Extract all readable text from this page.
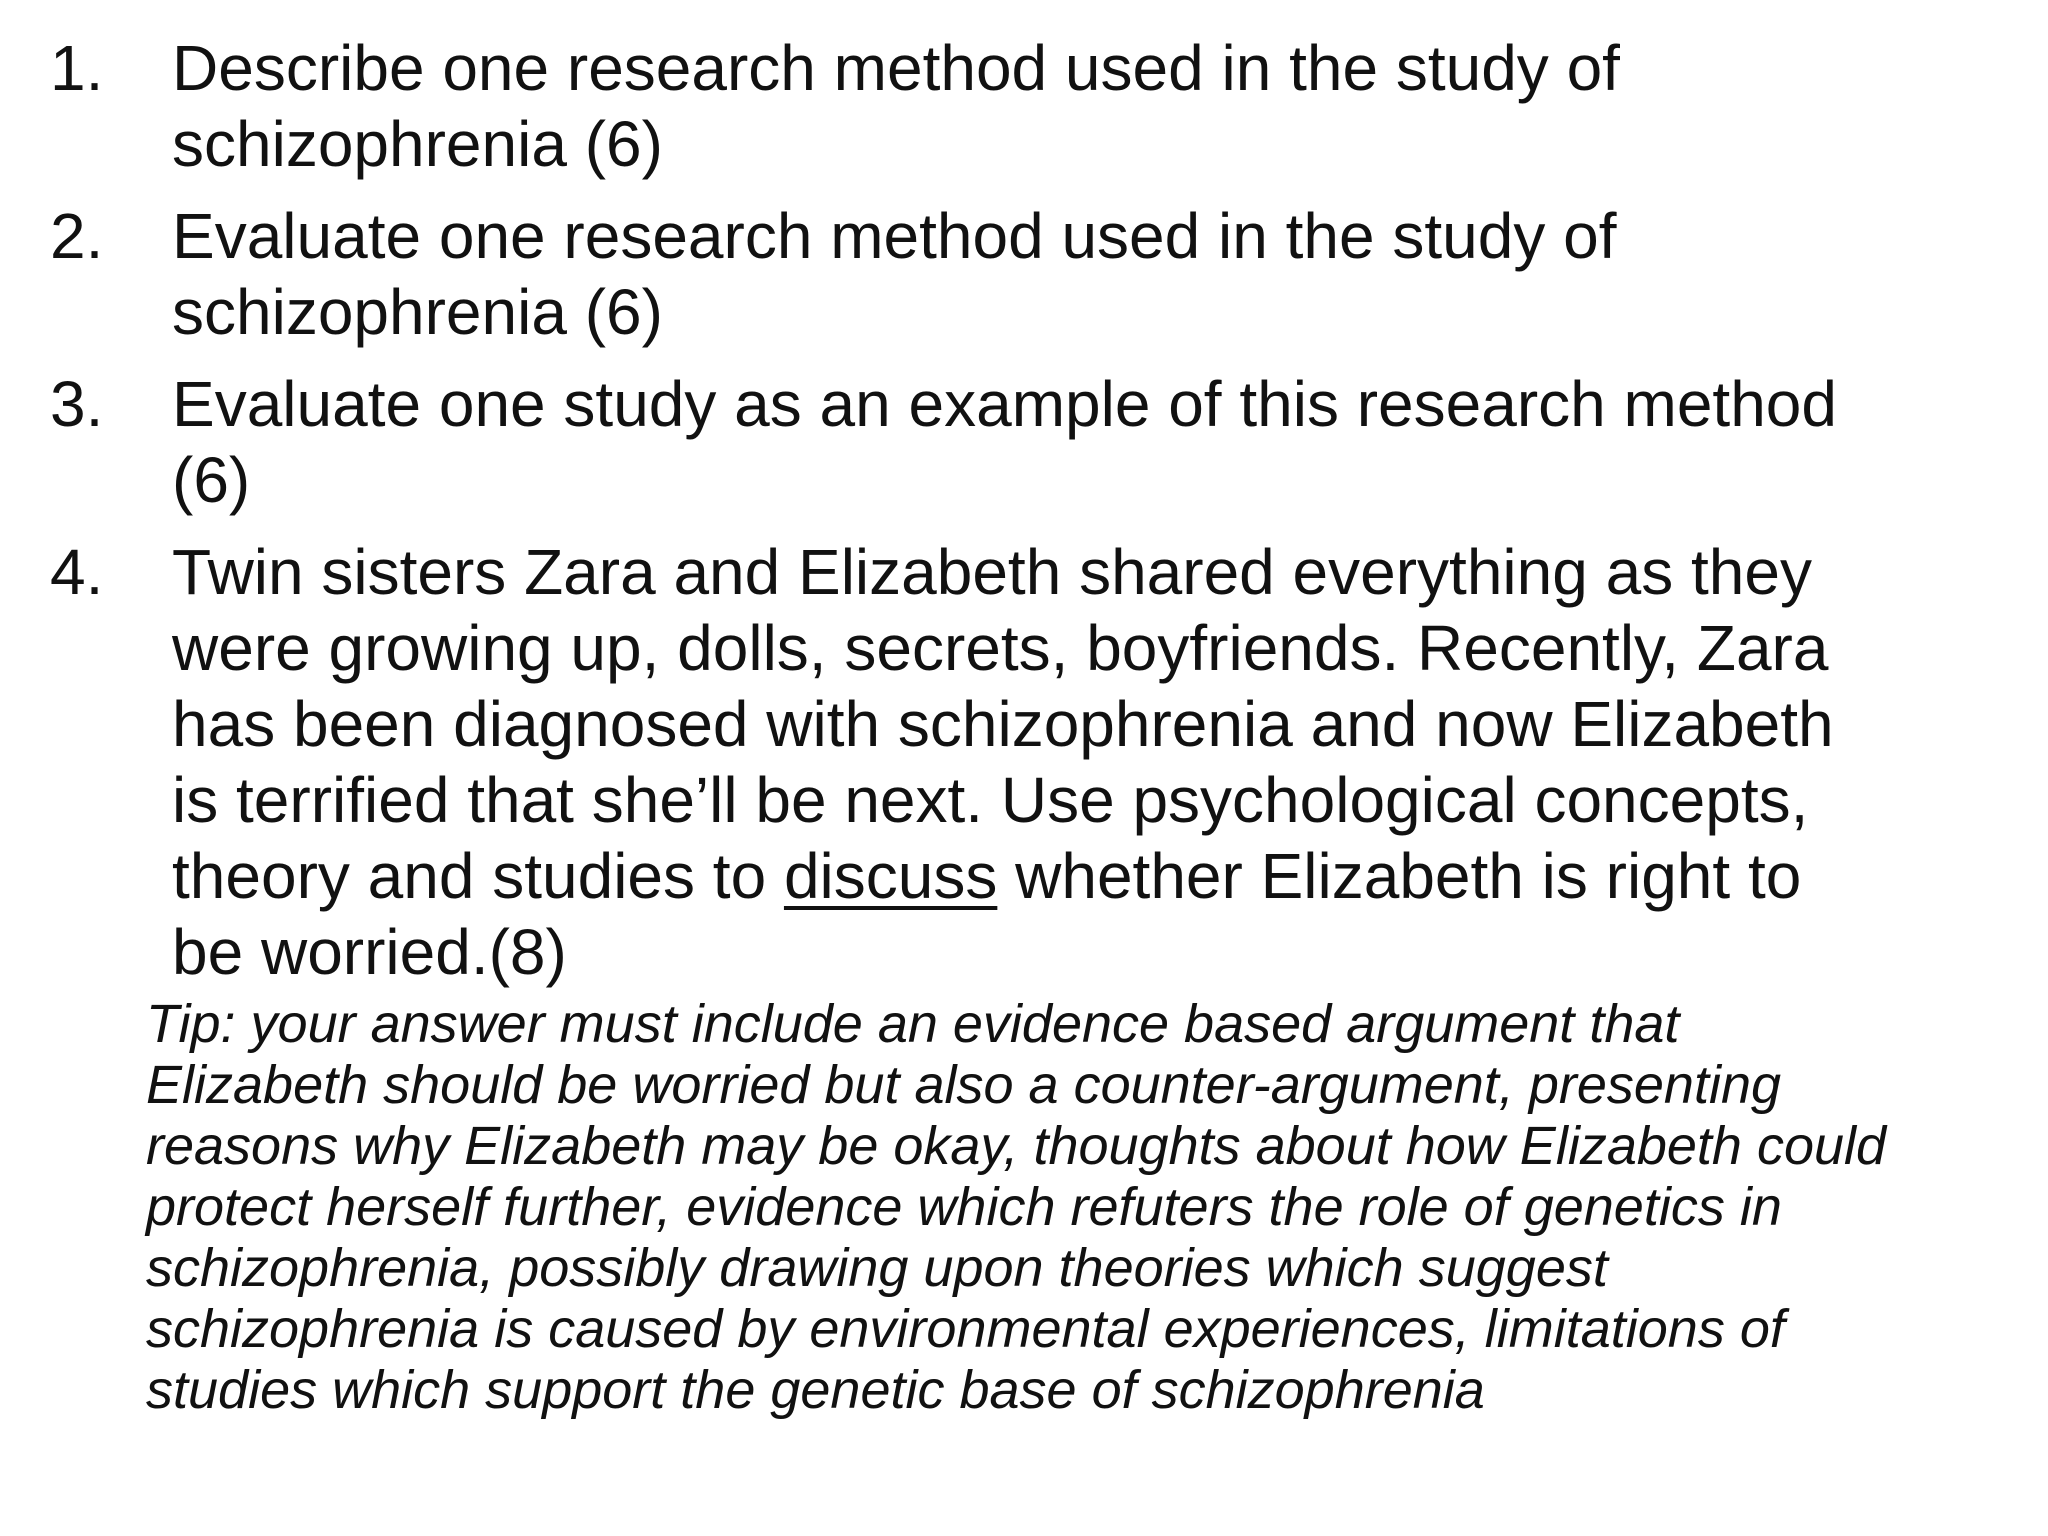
1. Describe one research method used in the study of
schizophrenia (6)
2. Evaluate one research method used in the study of
schizophrenia (6)
3. Evaluate one study as an example of this research method
(6)
4. Twin sisters Zara and Elizabeth shared everything as they
were growing up, dolls, secrets, boyfriends. Recently, Zara
has been diagnosed with schizophrenia and now Elizabeth
is terrified that she’ll be next. Use psychological concepts,
theory and studies to discuss whether Elizabeth is right to
be worried.(8)
Tip: your answer must include an evidence based argument that
Elizabeth should be worried but also a counter-argument, presenting
reasons why Elizabeth may be okay, thoughts about how Elizabeth could
protect herself further, evidence which refuters the role of genetics in
schizophrenia, possibly drawing upon theories which suggest
schizophrenia is caused by environmental experiences, limitations of
studies which support the genetic base of schizophrenia
